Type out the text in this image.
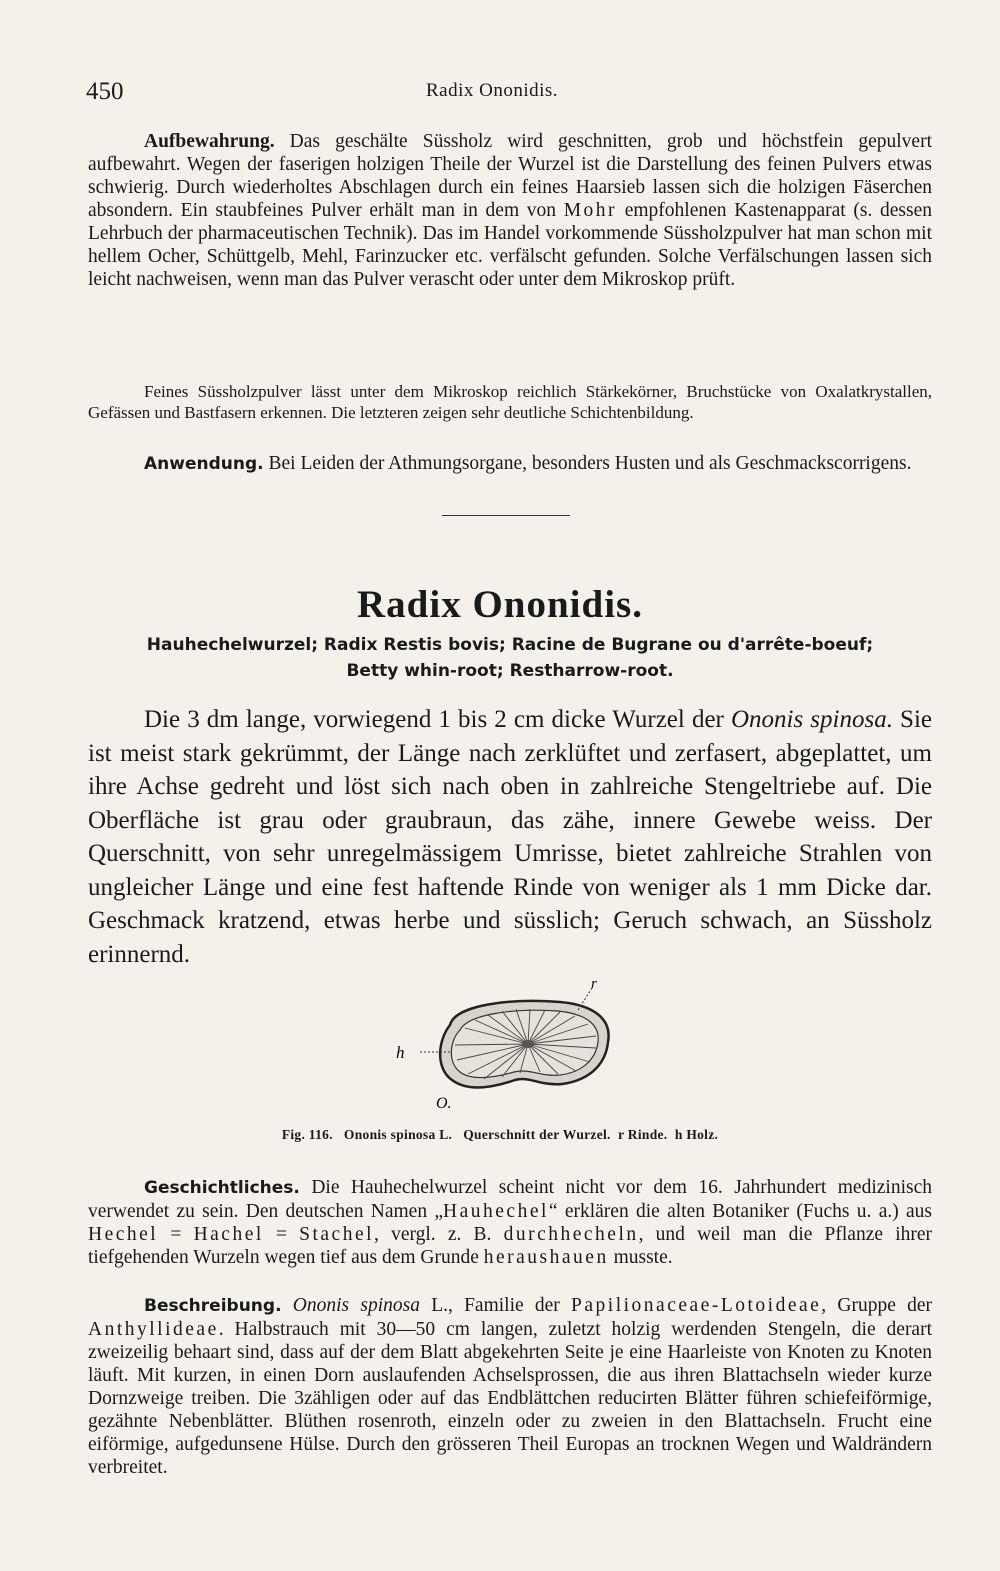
450	Radix Ononidis.

Aufbewahrung. Das geschälte Süssholz wird geschnitten, grob und höchstfein gepulvert aufbewahrt. Wegen der faserigen holzigen Theile der Wurzel ist die Darstellung des feinen Pulvers etwas schwierig. Durch wiederholtes Abschlagen durch ein feines Haarsieb lassen sich die holzigen Fäserchen absondern. Ein staubfeines Pulver erhält man in dem von Mohr empfohlenen Kastenapparat (s. dessen Lehrbuch der pharmaceutischen Technik). Das im Handel vorkommende Süssholzpulver hat man schon mit hellem Ocher, Schüttgelb, Mehl, Farinzucker etc. verfälscht gefunden. Solche Verfälschungen lassen sich leicht nachweisen, wenn man das Pulver verascht oder unter dem Mikroskop prüft.

Feines Süssholzpulver lässt unter dem Mikroskop reichlich Stärkekörner, Bruchstücke von Oxalatkrystallen, Gefässen und Bastfasern erkennen. Die letzteren zeigen sehr deutliche Schichtenbildung.

Anwendung. Bei Leiden der Athmungsorgane, besonders Husten und als Geschmackscorrigens.

Radix Ononidis.
Hauhechelwurzel; Radix Restis bovis; Racine de Bugrane ou d'arrête-boeuf;
Betty whin-root; Restharrow-root.

Die 3 dm lange, vorwiegend 1 bis 2 cm dicke Wurzel der Ononis spinosa. Sie ist meist stark gekrümmt, der Länge nach zerklüftet und zerfasert, abgeplattet, um ihre Achse gedreht und löst sich nach oben in zahlreiche Stengeltriebe auf. Die Oberfläche ist grau oder graubraun, das zähe, innere Gewebe weiss. Der Querschnitt, von sehr unregelmässigem Umrisse, bietet zahlreiche Strahlen von ungleicher Länge und eine fest haftende Rinde von weniger als 1 mm Dicke dar. Geschmack kratzend, etwas herbe und süsslich; Geruch schwach, an Süssholz erinnernd.

r
h
O.
Fig. 116.   Ononis spinosa L.   Querschnitt der Wurzel.  r Rinde.  h Holz.

Geschichtliches. Die Hauhechelwurzel scheint nicht vor dem 16. Jahrhundert medizinisch verwendet zu sein. Den deutschen Namen „Hauhechel“ erklären die alten Botaniker (Fuchs u. a.) aus Hechel = Hachel = Stachel, vergl. z. B. durchhecheln, und weil man die Pflanze ihrer tiefgehenden Wurzeln wegen tief aus dem Grunde heraushauen musste.

Beschreibung. Ononis spinosa L., Familie der Papilionaceae-Lotoideae, Gruppe der Anthyllideae. Halbstrauch mit 30—50 cm langen, zuletzt holzig werdenden Stengeln, die derart zweizeilig behaart sind, dass auf der dem Blatt abgekehrten Seite je eine Haarleiste von Knoten zu Knoten läuft. Mit kurzen, in einen Dorn auslaufenden Achselsprossen, die aus ihren Blattachseln wieder kurze Dornzweige treiben. Die 3zähligen oder auf das Endblättchen reducirten Blätter führen schiefeiförmige, gezähnte Nebenblätter. Blüthen rosenroth, einzeln oder zu zweien in den Blattachseln. Frucht eine eiförmige, aufgedunsene Hülse. Durch den grösseren Theil Europas an trocknen Wegen und Waldrändern verbreitet.
